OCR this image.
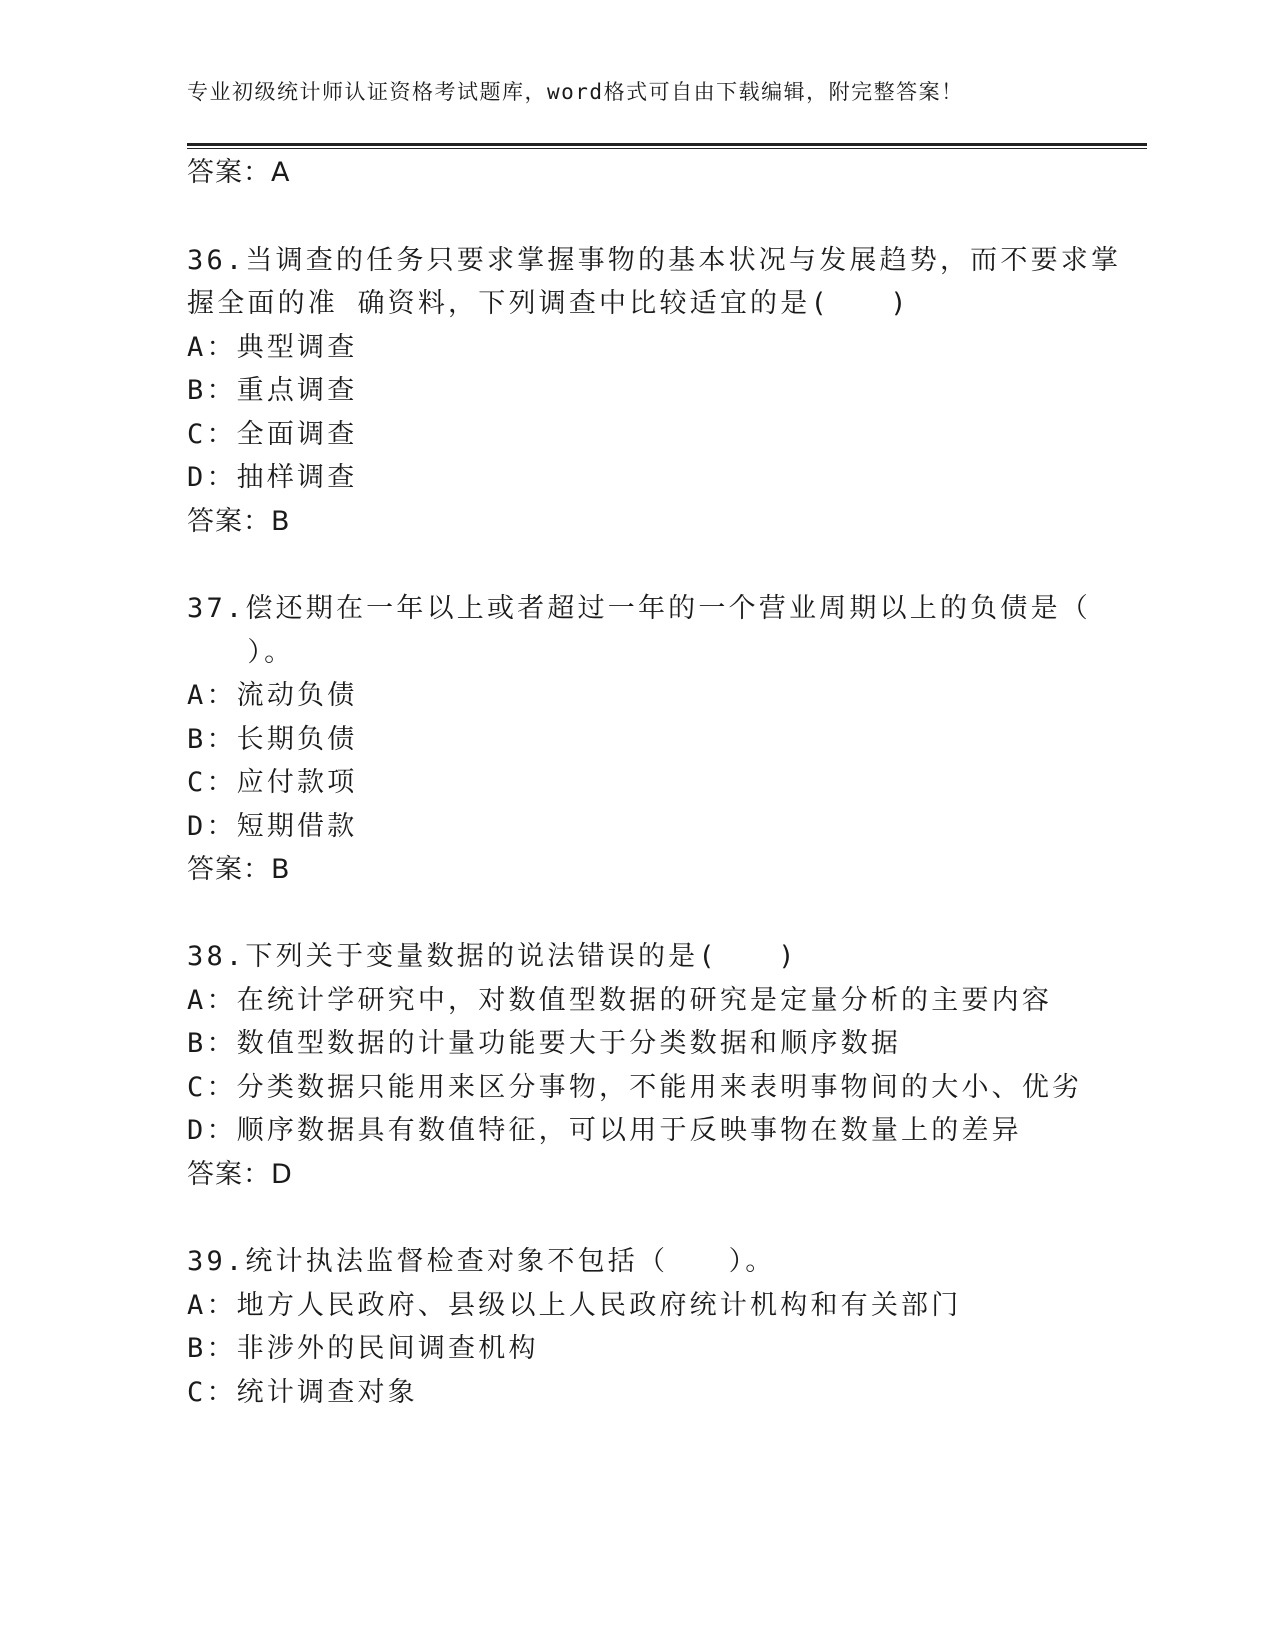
专业初级统计师认证资格考试题库，word格式可自由下载编辑，附完整答案！
答案：A
36.当调查的任务只要求掌握事物的基本状况与发展趋势，而不要求掌
握全面的准 确资料，下列调查中比较适宜的是(　　)
A：典型调查
B：重点调查
C：全面调查
D：抽样调查
答案：B
37.偿还期在一年以上或者超过一年的一个营业周期以上的负债是（
　　）。
A：流动负债
B：长期负债
C：应付款项
D：短期借款
答案：B
38.下列关于变量数据的说法错误的是(　　)
A：在统计学研究中，对数值型数据的研究是定量分析的主要内容
B：数值型数据的计量功能要大于分类数据和顺序数据
C：分类数据只能用来区分事物，不能用来表明事物间的大小、优劣
D：顺序数据具有数值特征，可以用于反映事物在数量上的差异
答案：D
39.统计执法监督检查对象不包括（　　）。
A：地方人民政府、县级以上人民政府统计机构和有关部门
B：非涉外的民间调查机构
C：统计调查对象
